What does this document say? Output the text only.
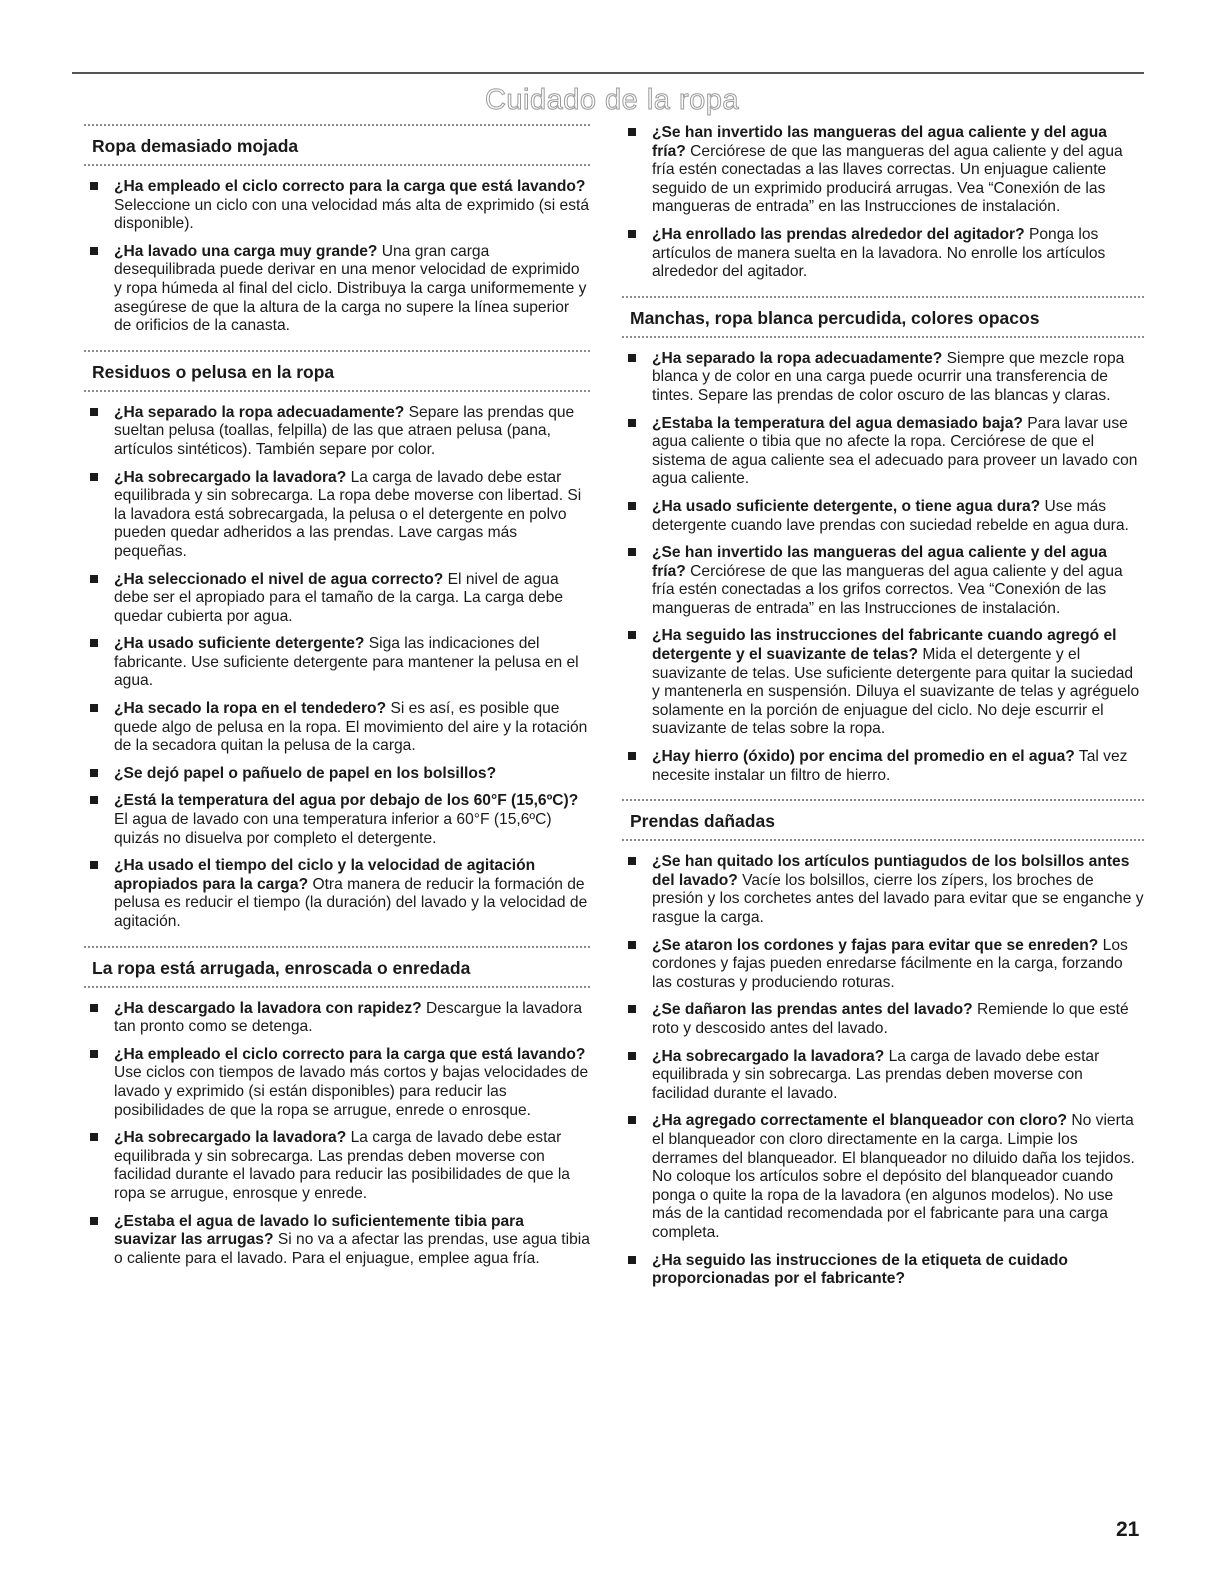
Cuidado de la ropa
Ropa demasiado mojada
¿Ha empleado el ciclo correcto para la carga que está lavando? Seleccione un ciclo con una velocidad más alta de exprimido (si está disponible).
¿Ha lavado una carga muy grande? Una gran carga desequilibrada puede derivar en una menor velocidad de exprimido y ropa húmeda al final del ciclo. Distribuya la carga uniformemente y asegúrese de que la altura de la carga no supere la línea superior de orificios de la canasta.
Residuos o pelusa en la ropa
¿Ha separado la ropa adecuadamente? Separe las prendas que sueltan pelusa (toallas, felpilla) de las que atraen pelusa (pana, artículos sintéticos). También separe por color.
¿Ha sobrecargado la lavadora? La carga de lavado debe estar equilibrada y sin sobrecarga. La ropa debe moverse con libertad. Si la lavadora está sobrecargada, la pelusa o el detergente en polvo pueden quedar adheridos a las prendas. Lave cargas más pequeñas.
¿Ha seleccionado el nivel de agua correcto? El nivel de agua debe ser el apropiado para el tamaño de la carga. La carga debe quedar cubierta por agua.
¿Ha usado suficiente detergente? Siga las indicaciones del fabricante. Use suficiente detergente para mantener la pelusa en el agua.
¿Ha secado la ropa en el tendedero? Si es así, es posible que quede algo de pelusa en la ropa. El movimiento del aire y la rotación de la secadora quitan la pelusa de la carga.
¿Se dejó papel o pañuelo de papel en los bolsillos?
¿Está la temperatura del agua por debajo de los 60°F (15,6ºC)? El agua de lavado con una temperatura inferior a 60°F (15,6ºC) quizás no disuelva por completo el detergente.
¿Ha usado el tiempo del ciclo y la velocidad de agitación apropiados para la carga? Otra manera de reducir la formación de pelusa es reducir el tiempo (la duración) del lavado y la velocidad de agitación.
La ropa está arrugada, enroscada o enredada
¿Ha descargado la lavadora con rapidez? Descargue la lavadora tan pronto como se detenga.
¿Ha empleado el ciclo correcto para la carga que está lavando? Use ciclos con tiempos de lavado más cortos y bajas velocidades de lavado y exprimido (si están disponibles) para reducir las posibilidades de que la ropa se arrugue, enrede o enrosque.
¿Ha sobrecargado la lavadora? La carga de lavado debe estar equilibrada y sin sobrecarga. Las prendas deben moverse con facilidad durante el lavado para reducir las posibilidades de que la ropa se arrugue, enrosque y enrede.
¿Estaba el agua de lavado lo suficientemente tibia para suavizar las arrugas? Si no va a afectar las prendas, use agua tibia o caliente para el lavado. Para el enjuague, emplee agua fría.
¿Se han invertido las mangueras del agua caliente y del agua fría? Cerciórese de que las mangueras del agua caliente y del agua fría estén conectadas a las llaves correctas. Un enjuague caliente seguido de un exprimido producirá arrugas. Vea “Conexión de las mangueras de entrada” en las Instrucciones de instalación.
¿Ha enrollado las prendas alrededor del agitador? Ponga los artículos de manera suelta en la lavadora. No enrolle los artículos alrededor del agitador.
Manchas, ropa blanca percudida, colores opacos
¿Ha separado la ropa adecuadamente? Siempre que mezcle ropa blanca y de color en una carga puede ocurrir una transferencia de tintes. Separe las prendas de color oscuro de las blancas y claras.
¿Estaba la temperatura del agua demasiado baja? Para lavar use agua caliente o tibia que no afecte la ropa. Cerciórese de que el sistema de agua caliente sea el adecuado para proveer un lavado con agua caliente.
¿Ha usado suficiente detergente, o tiene agua dura? Use más detergente cuando lave prendas con suciedad rebelde en agua dura.
¿Se han invertido las mangueras del agua caliente y del agua fría? Cerciórese de que las mangueras del agua caliente y del agua fría estén conectadas a los grifos correctos. Vea “Conexión de las mangueras de entrada” en las Instrucciones de instalación.
¿Ha seguido las instrucciones del fabricante cuando agregó el detergente y el suavizante de telas? Mida el detergente y el suavizante de telas. Use suficiente detergente para quitar la suciedad y mantenerla en suspensión. Diluya el suavizante de telas y agréguelo solamente en la porción de enjuague del ciclo. No deje escurrir el suavizante de telas sobre la ropa.
¿Hay hierro (óxido) por encima del promedio en el agua? Tal vez necesite instalar un filtro de hierro.
Prendas dañadas
¿Se han quitado los artículos puntiagudos de los bolsillos antes del lavado? Vacíe los bolsillos, cierre los zípers, los broches de presión y los corchetes antes del lavado para evitar que se enganche y rasgue la carga.
¿Se ataron los cordones y fajas para evitar que se enreden? Los cordones y fajas pueden enredarse fácilmente en la carga, forzando las costuras y produciendo roturas.
¿Se dañaron las prendas antes del lavado? Remiende lo que esté roto y descosido antes del lavado.
¿Ha sobrecargado la lavadora? La carga de lavado debe estar equilibrada y sin sobrecarga. Las prendas deben moverse con facilidad durante el lavado.
¿Ha agregado correctamente el blanqueador con cloro? No vierta el blanqueador con cloro directamente en la carga. Limpie los derrames del blanqueador. El blanqueador no diluido daña los tejidos. No coloque los artículos sobre el depósito del blanqueador cuando ponga o quite la ropa de la lavadora (en algunos modelos). No use más de la cantidad recomendada por el fabricante para una carga completa.
¿Ha seguido las instrucciones de la etiqueta de cuidado proporcionadas por el fabricante?
21
